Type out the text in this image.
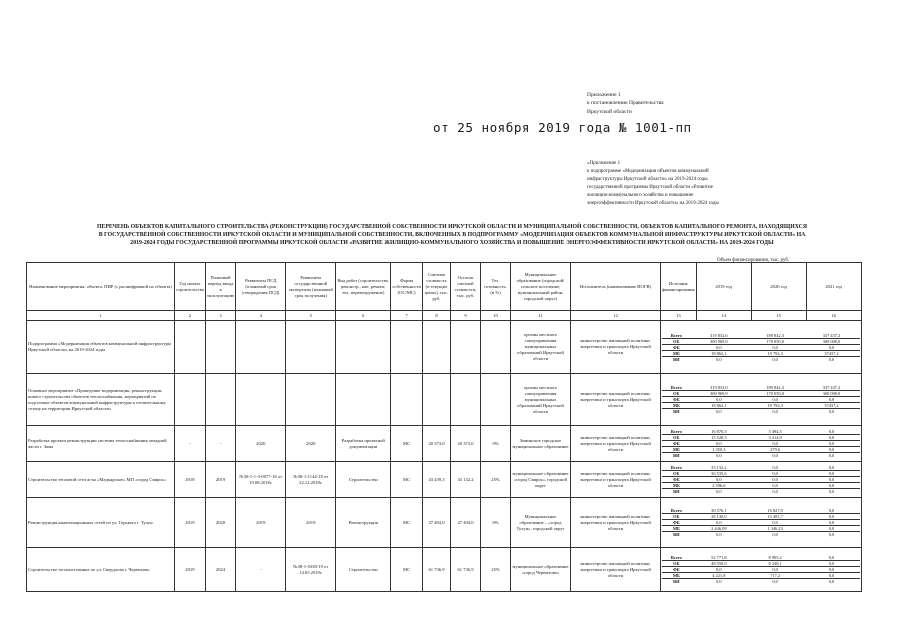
Приложение 1
к постановлению Правительства
Иркутской области
от 25 ноября 2019 года № 1001-пп
«Приложение 1
к подпрограмме «Модернизация объектов коммунальной
инфраструктуры Иркутской области» на 2019-2024 годы
государственной программы Иркутской области «Развитие
жилищно-коммунального хозяйства и повышение
энергоэффективности Иркутской области» на 2019-2024 годы
ПЕРЕЧЕНЬ ОБЪЕКТОВ КАПИТАЛЬНОГО СТРОИТЕЛЬСТВА (РЕКОНСТРУКЦИИ) ГОСУДАРСТВЕННОЙ СОБСТВЕННОСТИ ИРКУТСКОЙ ОБЛАСТИ И МУНИЦИПАЛЬНОЙ СОБСТВЕННОСТИ, ОБЪЕКТОВ КАПИТАЛЬНОГО РЕМОНТА, НАХОДЯЩИХСЯ
В ГОСУДАРСТВЕННОЙ СОБСТВЕННОСТИ ИРКУТСКОЙ ОБЛАСТИ И МУНИЦИПАЛЬНОЙ СОБСТВЕННОСТИ, ВКЛЮЧЕННЫХ В ПОДПРОГРАММУ «МОДЕРНИЗАЦИЯ ОБЪЕКТОВ КОММУНАЛЬНОЙ ИНФРАСТРУКТУРЫ ИРКУТСКОЙ ОБЛАСТИ» НА
2019-2024 ГОДЫ ГОСУДАРСТВЕННОЙ ПРОГРАММЫ ИРКУТСКОЙ ОБЛАСТИ «РАЗВИТИЕ ЖИЛИЩНО-КОММУНАЛЬНОГО ХОЗЯЙСТВА И ПОВЫШЕНИЕ ЭНЕРГОЭФФЕКТИВНОСТИ ИРКУТСКОЙ ОБЛАСТИ» НА 2019-2024 ГОДЫ
Объем финансирования, тыс. руб.
Наименование мероприятия, объекта, ПИР (с расшифровкой их объекта)	Год начала строительства	Плановый период ввода в эксплуатацию	Реквизиты ПСД (плановый срок утверждения ПСД)	Реквизиты государственной экспертизы (плановый срок получения)	Вид работ (строительство, реконстр., кап. ремонт, тех. перевооружение)	Форма собственности (ОС/МС)	Сметная стоимость (в текущих ценах), тыс. руб.	Остаток сметной стоимости, тыс. руб.	Тех. готовность, (в %)	Муниципальное образование (городской/сельское поселение, муниципальный район, городской округ)	Исполнитель (наименование ИОГВ)	Источник финансирования	2019 год	2020 год	2021 год
1	2	3	4	5	6	7	8	9	10	11	12	13	14	15	16
Подпрограмма «Модернизация объектов коммунальной инфраструктуры Иркутской области» на 2019-2024 годы										органы местного самоуправления муниципальных образований Иркутской области	министерство жилищной политики, энергетики и транспорта Иркутской области	
Всего	319 832,6	189 842,3	337 437,2
ОБ	300 969,9	170 050,0	300 000,0
ФБ	0,0	0,0	0,0
МБ	18 862,1	19 792,3	37437,2
ВИ	0,0	0,0	0,0

Основное мероприятие «Проведение модернизации, реконструкции, нового строительства объектов теплоснабжения, мероприятий по подготовке объектов коммунальной инфраструктуры к отопительному сезону на территории Иркутской области»										органы местного самоуправления муниципальных образований Иркутской области	министерство жилищной политики, энергетики и транспорта Иркутской области	
Всего	319 832,0	189 842,3	337 437,2
ОБ	300 969,9	170 050,0	300 000,0
ФБ	0,0	0,0	0,0
МБ	18 862,1	19 792,3	37437,2
ВИ	0,0	0,0	0,0

Разработка проекта реконструкции системы теплоснабжения западной части г. Зима	-	-	2020	2020	Разработка проектной документации	МС	20 373,0	20 373,0	0%	Зиминское городское муниципальное образование	министерство жилищной политики, энергетики и транспорта Иркутской области	
Всего	16 870,5	3 494,5	0,0
ОБ	15 528,3	3 214,9	0,0
ФБ	0,0	0,0	0,0
МБ	1 350,3	279,6	0,0
ВИ	0,0	0,0	0,0

Строительство тепловой сети ж-ка «Мадъярское» МП «город Свирск»	2018	2019	№38-1-1-3-0077-18 от 19.08.2018г.	№38-1-1144-18 от 22.12.2018г.	Строительство	МС	43 439,3	33 132,2	25%	муниципальное образование «город Свирск», городской округ	министерство жилищной политики, энергетики и транспорта Иркутской области	
Всего	33 132,2	0,0	0,0
ОБ	30 535,6	0,0	0,0
ФБ	0,0	0,0	0,0
МБ	2 596,6	0,0	0,0
ВИ	0,0	0,0	0,0

Реконструкция канализационных сетей по ул. Горького г. Тулун	2019	2020	2019	2019	Реконструкция	МС	47 404,0	47 404,0	0%	Муниципальное образование – «город Тулун», городской округ	министерство жилищной политики, энергетики и транспорта Иркутской области	
Всего	30 576,1	16 827,9	0,0
ОБ	28 130,0	15 481,7	0,0
ФБ	0,0	0,0	0,0
МБ	2 446,09	1 346,23	0,0
ВИ	0,0	0,0	0,0

Строительство теплоисточника по ул. Свердлова г. Черемхово	2019	2024	-	№38-1-0338-19 от 14.05.2019г.	Строительство	МС	61 736,9	61 736,9	25%	муниципальное образование «город Черемхово»	министерство жилищной политики, энергетики и транспорта Иркутской области	
Всего	52 771,8	8 965,2	0,0
ОБ	48 550,0	8 248,1	0,0
ФБ	0,0	0,0	0,0
МБ	4 221,8	717,2	0,0
ВИ	0,0	0,0	0,0
